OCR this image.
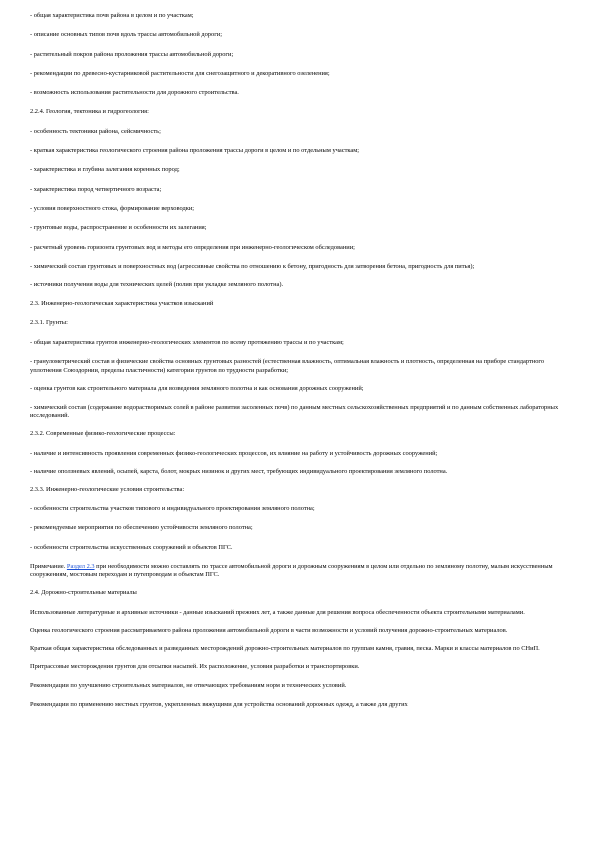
- общая характеристика почв района в целом и по участкам;

- описание основных типов почв вдоль трассы автомобильной дороги;

- растительный покров района проложения трассы автомобильной дороги;

- рекомендации по древесно-кустарниковой растительности для снегозащитного и декоративного озеленения;

- возможность использования растительности для дорожного строительства.

2.2.4. Геология, тектоника и гидрогеология:

- особенность тектоники района, сейсмичность;

- краткая характеристика геологического строения района проложения трассы дороги в целом и по отдельным участкам;

- характеристика и глубина залегания коренных пород;

- характеристика пород четвертичного возраста;

- условия поверхностного стока, формирование верховодки;

- грунтовые воды, распространение и особенности их залегания;

- расчетный уровень горизонта грунтовых вод и методы его определения при инженерно-геологическом обследовании;

- химический состав грунтовых и поверхностных вод (агрессивные свойства по отношению к бетону, пригодность для затворения бетона, пригодность для питья);

- источники получения воды для технических целей (полив при укладке земляного полотна).

2.3. Инженерно-геологическая характеристика участков изысканий

2.3.1. Грунты:

- общая характеристика грунтов инженерно-геологических элементов по всему протяжению трассы и по участкам;

- гранулометрический состав и физические свойства основных грунтовых разностей (естественная влажность, оптимальная влажность и плотность, определенная на приборе стандартного уплотнения Союздорнии, пределы пластичности) категории грунтов по трудности разработки;

- оценка грунтов как строительного материала для возведения земляного полотна и как основания дорожных сооружений;

- химический состав (содержание водорастворимых солей в районе развития засоленных почв) по данным местных сельскохозяйственных предприятий и по данным собственных лабораторных исследований.

2.3.2. Современные физико-геологические процессы:

- наличие и интенсивность проявления современных физико-геологических процессов, их влияние на работу и устойчивость дорожных сооружений;

- наличие оползневых явлений, осыпей, карста, болот, мокрых низинок и других мест, требующих индивидуального проектирования земляного полотна.

2.3.3. Инженерно-геологические условия строительства:

- особенности строительства участков типового и индивидуального проектирования земляного полотна;

- рекомендуемые мероприятия по обеспечению устойчивости земляного полотна;

- особенности строительства искусственных сооружений и объектов ПГС.

Примечание. Раздел 2.3 при необходимости можно составлять по трассе автомобильной дороги и дорожным сооружениям в целом или отдельно по земляному полотну, малым искусственным сооружениям, мостовым переходам и путепроводам и объектам ПГС.

2.4. Дорожно-строительные материалы

Использованные литературные и архивные источники - данные изысканий прежних лет, а также данные для решения вопроса обеспеченности объекта строительными материалами.

Оценка геологического строения рассматриваемого района проложения автомобильной дороги в части возможности и условий получения дорожно-строительных материалов.

Краткая общая характеристика обследованных и разведанных месторождений дорожно-строительных материалов по группам камня, гравия, песка. Марки и классы материалов по СНиП.

Притрассовые месторождения грунтов для отсыпки насыпей. Их расположение, условия разработки и транспортировки.

Рекомендации по улучшению строительных материалов, не отвечающих требованиям норм и технических условий.

Рекомендации по применению местных грунтов, укрепленных вяжущими для устройства оснований дорожных одежд, а также для других
